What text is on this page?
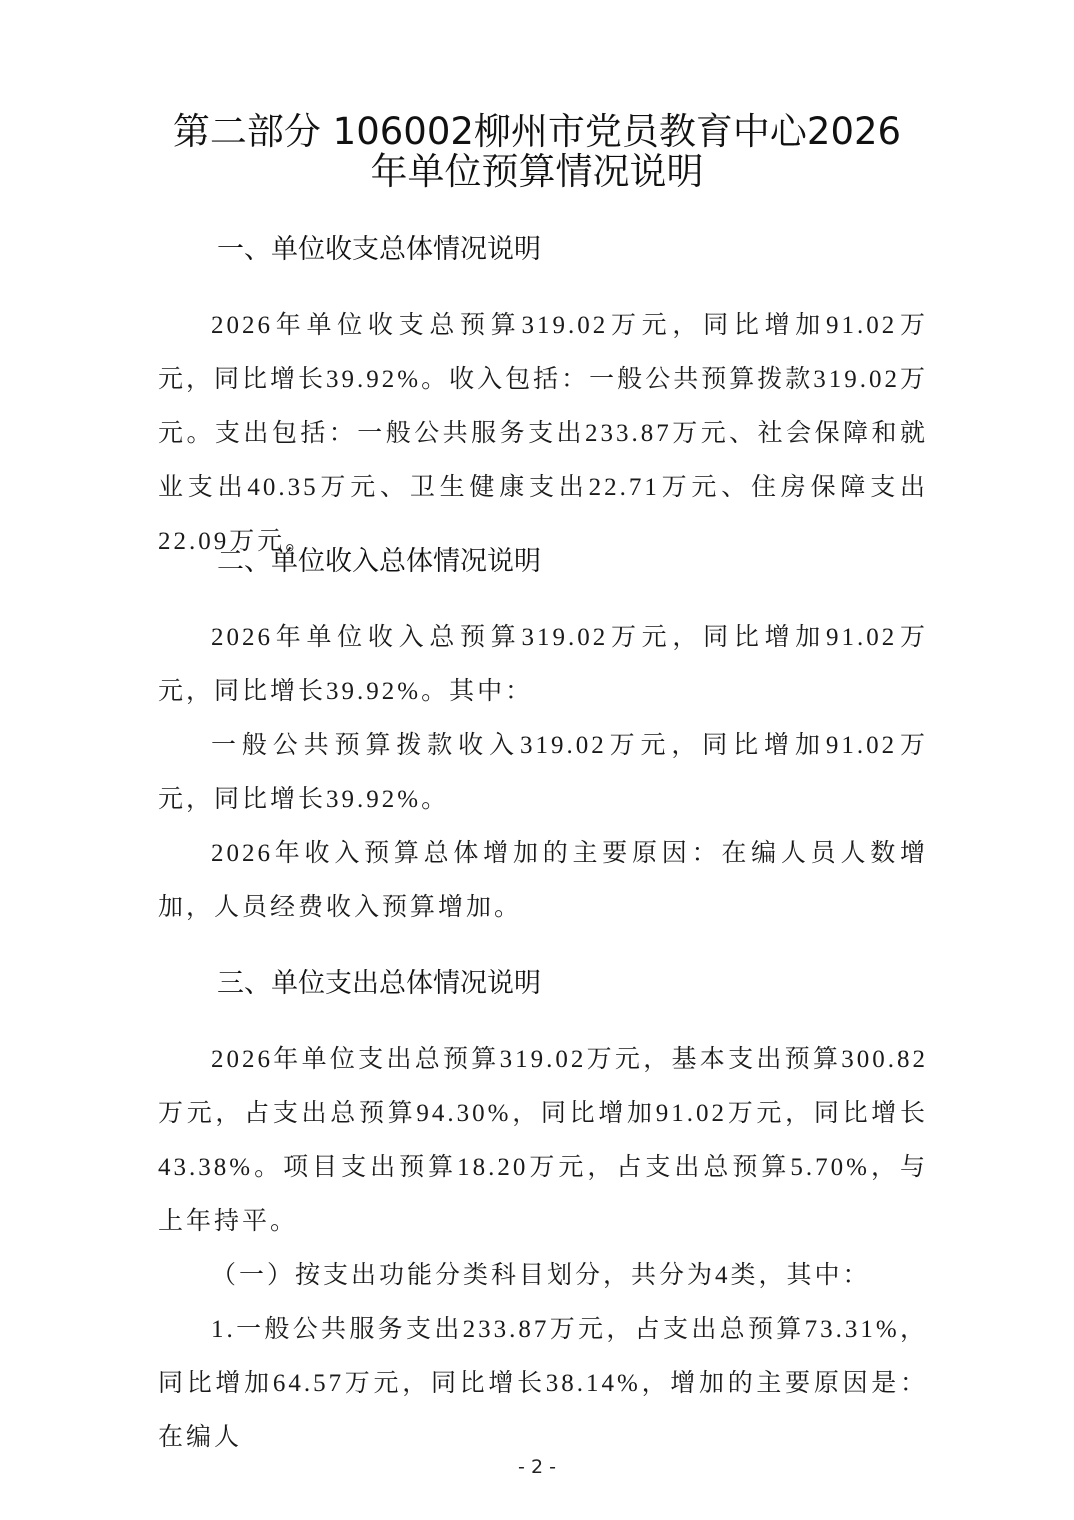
第二部分 106002柳州市党员教育中心2026
年单位预算情况说明
一、单位收支总体情况说明
2026年单位收支总预算319.02万元，同比增加91.02万元，同比增长39.92%。收入包括：一般公共预算拨款319.02万元。支出包括：一般公共服务支出233.87万元、社会保障和就业支出40.35万元、卫生健康支出22.71万元、住房保障支出22.09万元。
二、单位收入总体情况说明
2026年单位收入总预算319.02万元，同比增加91.02万元，同比增长39.92%。其中：
一般公共预算拨款收入319.02万元，同比增加91.02万元，同比增长39.92%。
2026年收入预算总体增加的主要原因：在编人员人数增加，人员经费收入预算增加。
三、单位支出总体情况说明
2026年单位支出总预算319.02万元，基本支出预算300.82万元，占支出总预算94.30%，同比增加91.02万元，同比增长43.38%。项目支出预算18.20万元，占支出总预算5.70%，与上年持平。
（一）按支出功能分类科目划分，共分为4类，其中：
1.一般公共服务支出233.87万元，占支出总预算73.31%，同比增加64.57万元，同比增长38.14%，增加的主要原因是：在编人
- 2 -
